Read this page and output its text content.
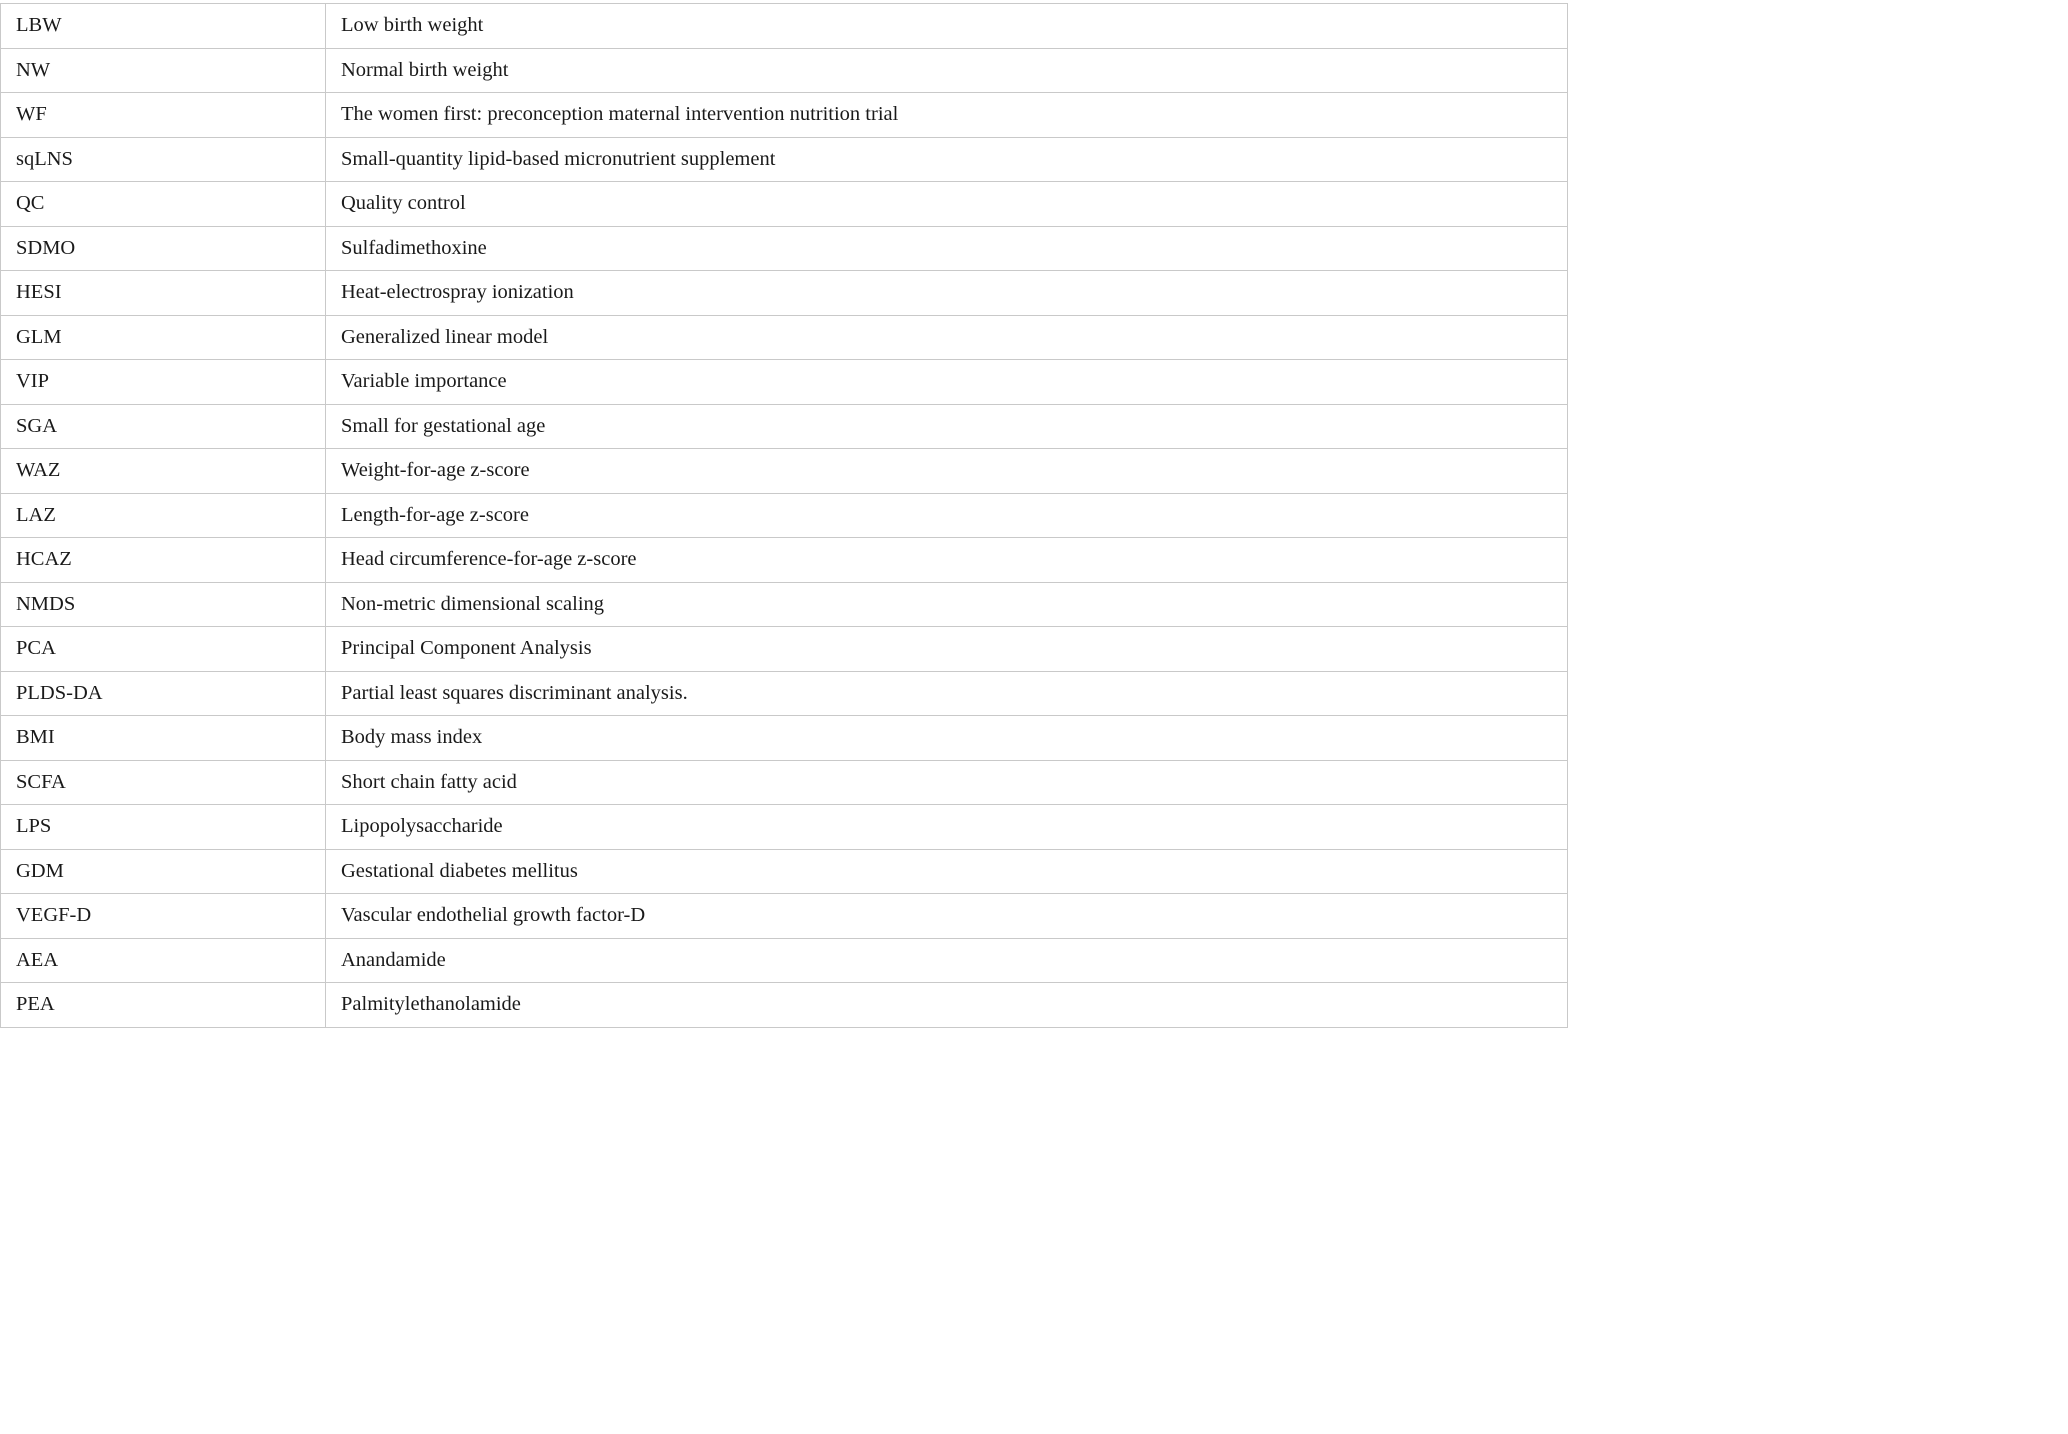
LBW	Low birth weight
NW	Normal birth weight
WF	The women first: preconception maternal intervention nutrition trial
sqLNS	Small-quantity lipid-based micronutrient supplement
QC	Quality control
SDMO	Sulfadimethoxine
HESI	Heat-electrospray ionization
GLM	Generalized linear model
VIP	Variable importance
SGA	Small for gestational age
WAZ	Weight-for-age z-score
LAZ	Length-for-age z-score
HCAZ	Head circumference-for-age z-score
NMDS	Non-metric dimensional scaling
PCA	Principal Component Analysis
PLDS-DA	Partial least squares discriminant analysis.
BMI	Body mass index
SCFA	Short chain fatty acid
LPS	Lipopolysaccharide
GDM	Gestational diabetes mellitus
VEGF-D	Vascular endothelial growth factor-D
AEA	Anandamide
PEA	Palmitylethanolamide
